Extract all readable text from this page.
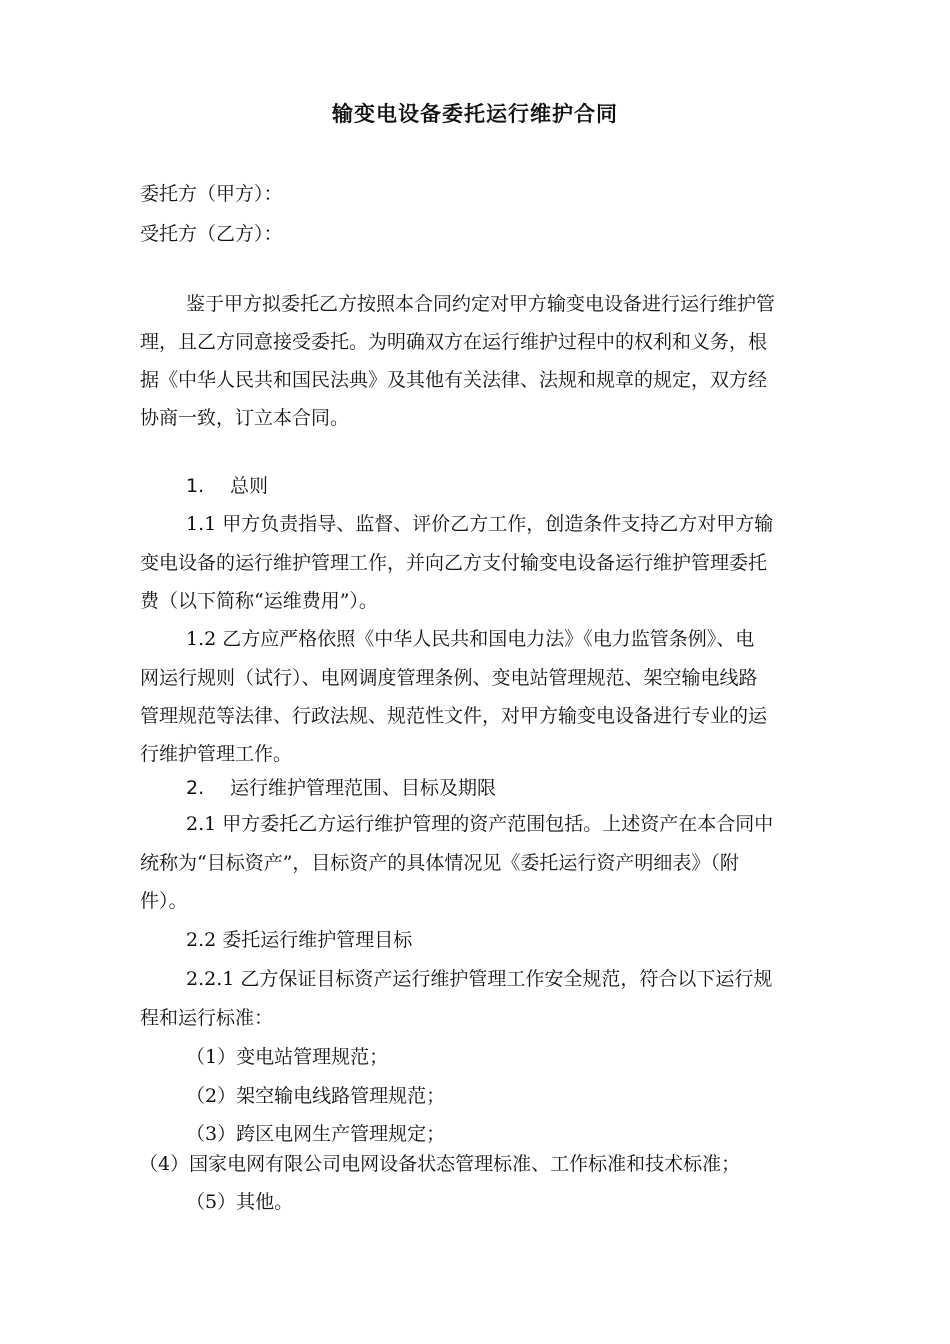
输变电设备委托运行维护合同
委托方（甲方）：
受托方（乙方）：
鉴于甲方拟委托乙方按照本合同约定对甲方输变电设备进行运行维护管
理，且乙方同意接受委托。为明确双方在运行维护过程中的权利和义务，根
据《中华人民共和国民法典》及其他有关法律、法规和规章的规定，双方经
协商一致，订立本合同。
1. 总则
1.1 甲方负责指导、监督、评价乙方工作，创造条件支持乙方对甲方输
变电设备的运行维护管理工作，并向乙方支付输变电设备运行维护管理委托
费（以下简称“运维费用”）。
1.2 乙方应严格依照《中华人民共和国电力法》《电力监管条例》、电
网运行规则（试行）、电网调度管理条例、变电站管理规范、架空输电线路
管理规范等法律、行政法规、规范性文件，对甲方输变电设备进行专业的运
行维护管理工作。
2. 运行维护管理范围、目标及期限
2.1 甲方委托乙方运行维护管理的资产范围包括。上述资产在本合同中
统称为“目标资产”，目标资产的具体情况见《委托运行资产明细表》（附
件）。
2.2 委托运行维护管理目标
2.2.1 乙方保证目标资产运行维护管理工作安全规范，符合以下运行规
程和运行标准：
（1）变电站管理规范；
（2）架空输电线路管理规范；
（3）跨区电网生产管理规定；
（4）国家电网有限公司电网设备状态管理标准、工作标准和技术标准；
（5）其他。
